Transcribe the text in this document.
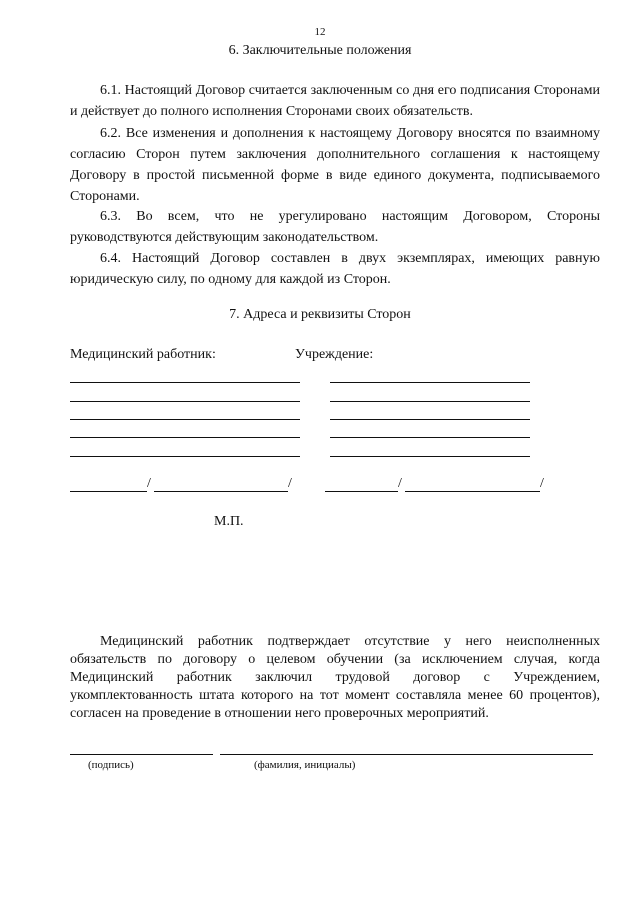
12
6. Заключительные положения

6.1. Настоящий Договор считается заключенным со дня его подписания Сторонами и действует до полного исполнения Сторонами своих обязательств.

6.2. Все изменения и дополнения к настоящему Договору вносятся по взаимному согласию Сторон путем заключения дополнительного соглашения к настоящему Договору в простой письменной форме в виде единого документа, подписываемого Сторонами.

6.3. Во всем, что не урегулировано настоящим Договором, Стороны руководствуются действующим законодательством.

6.4. Настоящий Договор составлен в двух экземплярах, имеющих равную юридическую силу, по одному для каждой из Сторон.

7. Адреса и реквизиты Сторон
Медицинский работник:	Учреждение:
/	/	/	/
М.П.

Медицинский работник подтверждает отсутствие у него неисполненных обязательств по договору о целевом обучении (за исключением случая, когда Медицинский работник заключил трудовой договор с Учреждением, укомплектованность штата которого на тот момент составляла менее 60 процентов), согласен на проведение в отношении него проверочных мероприятий.

(подпись)	(фамилия, инициалы)
